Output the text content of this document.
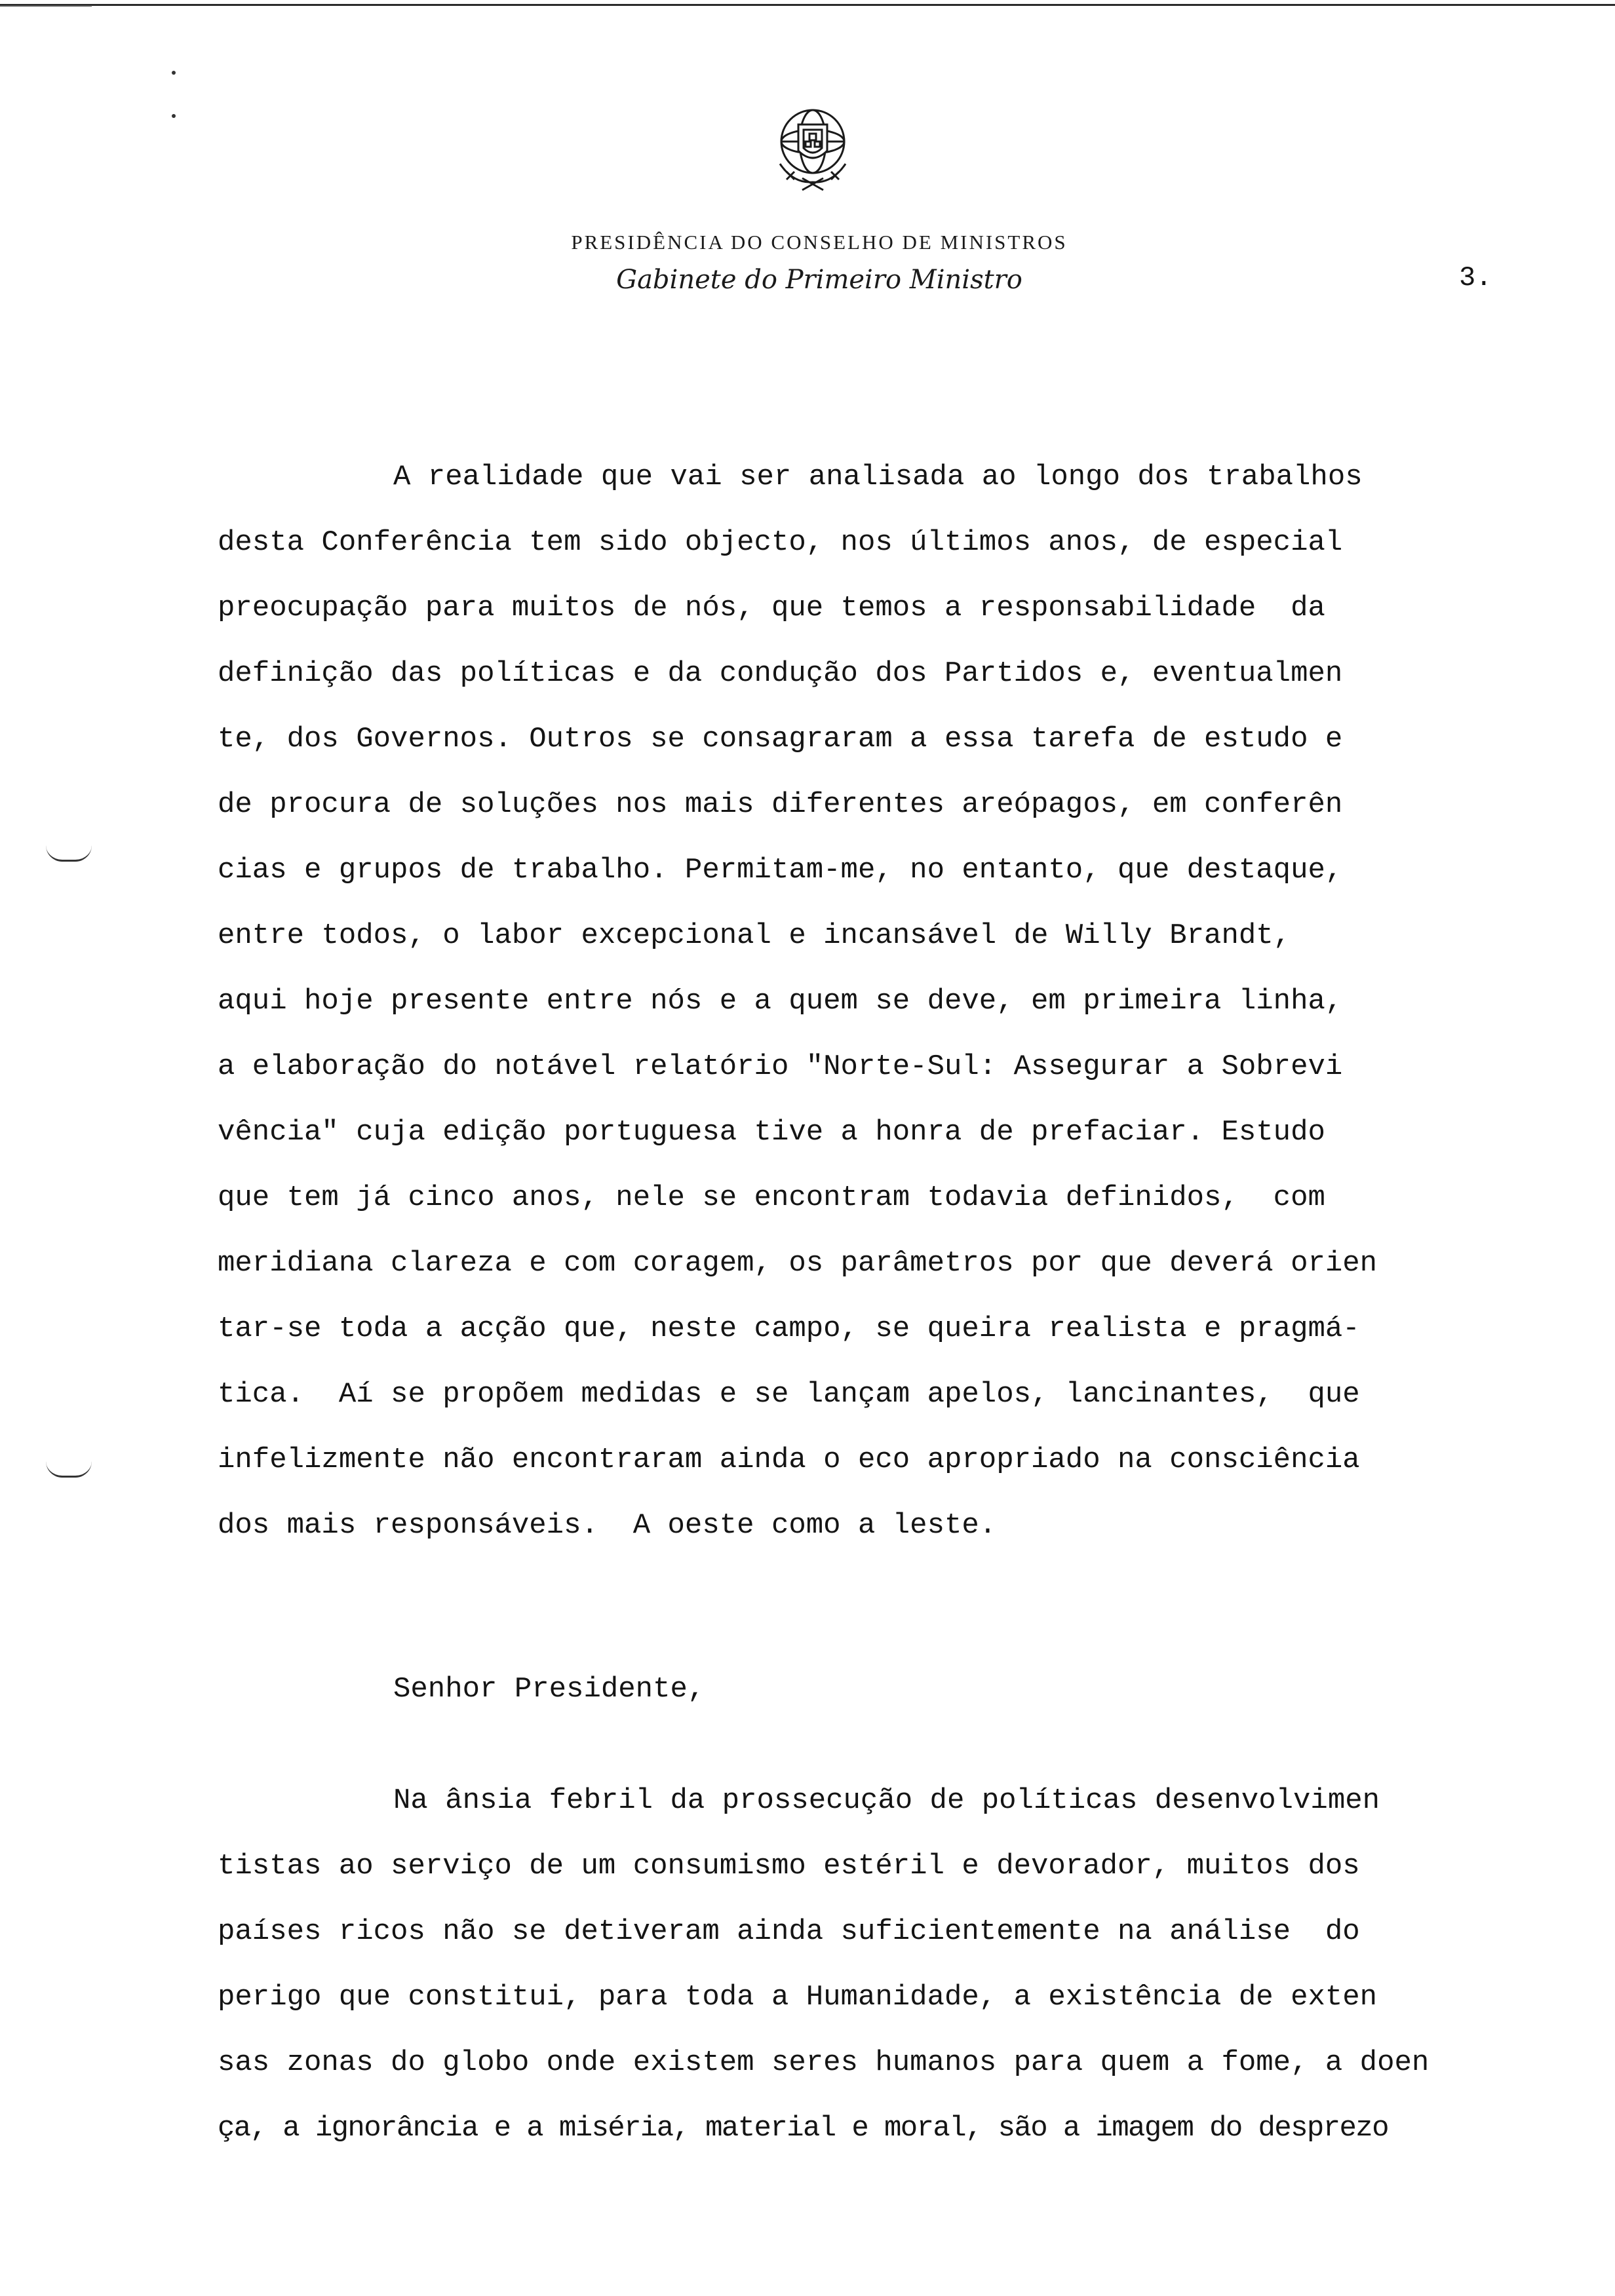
PRESIDÊNCIA DO CONSELHO DE MINISTROS
Gabinete do Primeiro Ministro	3.

A realidade que vai ser analisada ao longo dos trabalhos

desta Conferência tem sido objecto, nos últimos anos, de especial

preocupação para muitos de nós, que temos a responsabilidade  da

definição das políticas e da condução dos Partidos e, eventualmen

te, dos Governos. Outros se consagraram a essa tarefa de estudo e

de procura de soluções nos mais diferentes areópagos, em conferên

cias e grupos de trabalho. Permitam-me, no entanto, que destaque,

entre todos, o labor excepcional e incansável de Willy Brandt,

aqui hoje presente entre nós e a quem se deve, em primeira linha,

a elaboração do notável relatório "Norte-Sul: Assegurar a Sobrevi

vência" cuja edição portuguesa tive a honra de prefaciar. Estudo

que tem já cinco anos, nele se encontram todavia definidos,  com

meridiana clareza e com coragem, os parâmetros por que deverá orien

tar-se toda a acção que, neste campo, se queira realista e pragmá-

tica.  Aí se propõem medidas e se lançam apelos, lancinantes,  que

infelizmente não encontraram ainda o eco apropriado na consciência

dos mais responsáveis.  A oeste como a leste.

Senhor Presidente,

Na ânsia febril da prossecução de políticas desenvolvimen

tistas ao serviço de um consumismo estéril e devorador, muitos dos

países ricos não se detiveram ainda suficientemente na análise  do

perigo que constitui, para toda a Humanidade, a existência de exten

sas zonas do globo onde existem seres humanos para quem a fome, a doen

ça, a ignorância e a miséria, material e moral, são a imagem do desprezo
